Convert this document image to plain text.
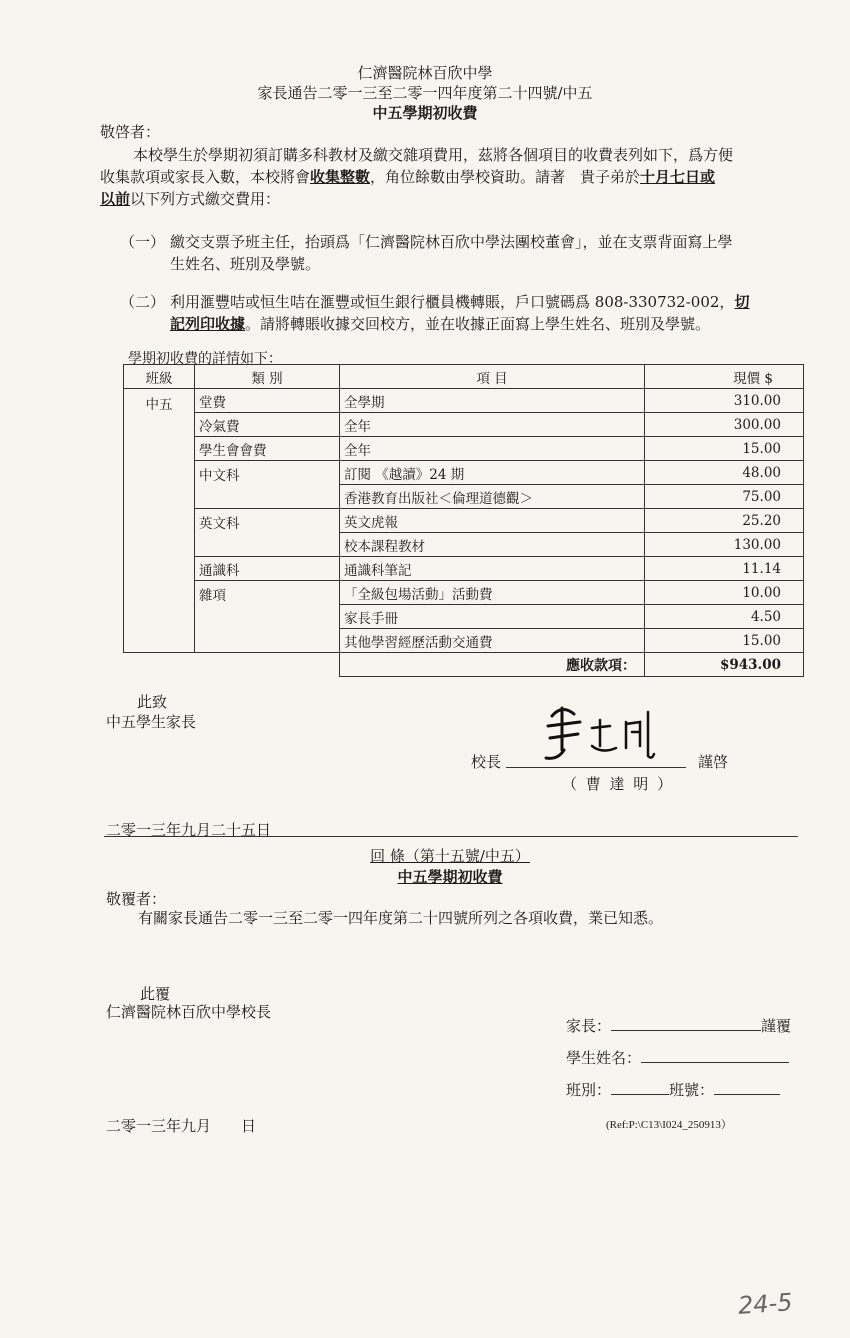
仁濟醫院林百欣中學
家長通告二零一三至二零一四年度第二十四號/中五
中五學期初收費
敬啓者：
本校學生於學期初須訂購多科教材及繳交雜項費用，茲將各個項目的收費表列如下，爲方便
收集款項或家長入數，本校將會收集整數，角位餘數由學校資助。請著　貴子弟於十月七日或
以前以下列方式繳交費用：
（一） 繳交支票予班主任，抬頭爲「仁濟醫院林百欣中學法團校董會」，並在支票背面寫上學
生姓名、班別及學號。
（二） 利用滙豐咭或恒生咭在滙豐或恒生銀行櫃員機轉賬，戶口號碼爲 808-330732-002，切
記列印收據。請將轉賬收據交回校方，並在收據正面寫上學生姓名、班別及學號。
學期初收費的詳情如下：
班級	類 別	項 目	現價 $
中五	堂費	全學期	310.00
	冷氣費	全年	300.00
	學生會會費	全年	15.00
	中文科	訂閱 《越讀》24 期	48.00
		香港教育出版社＜倫理道德觀＞	75.00
	英文科	英文虎報	25.20
		校本課程教材	130.00
	通識科	通識科筆記	11.14
	雜項	「全級包場活動」活動費	10.00
		家長手冊	4.50
		其他學習經歷活動交通費	15.00
		應收款項：	$943.00
此致
中五學生家長
校長	謹啓
（ 曹 達 明 ）
二零一三年九月二十五日
回 條（第十五號/中五）
中五學期初收費
敬覆者：
有關家長通告二零一三至二零一四年度第二十四號所列之各項收費，業已知悉。
此覆
仁濟醫院林百欣中學校長
家長：	謹覆
學生姓名：
班別：	班號：
二零一三年九月　　日	(Ref:P:\C13\I024_250913）
24-5
